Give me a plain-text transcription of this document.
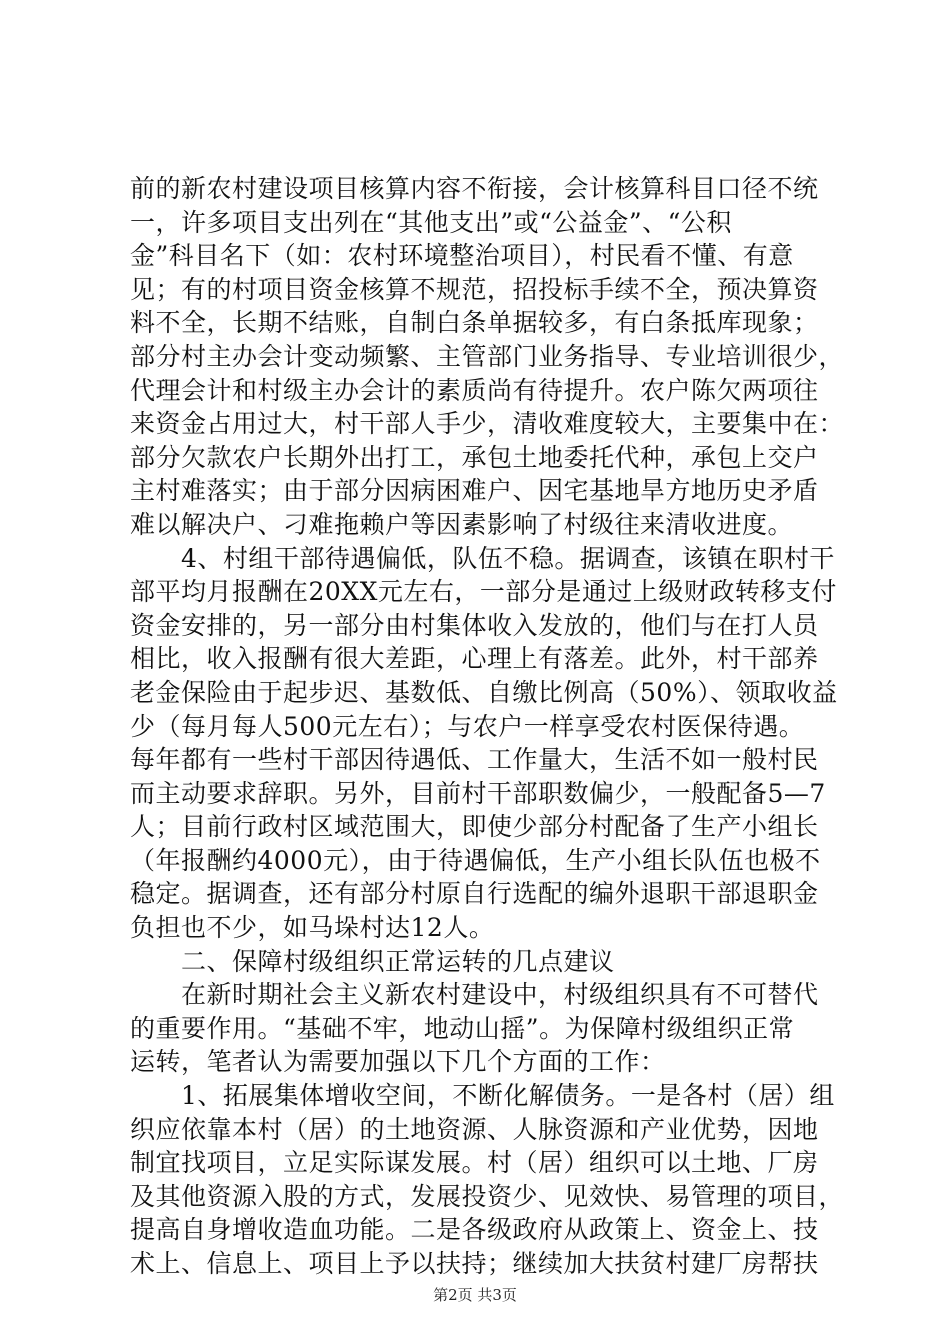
前的新农村建设项目核算内容不衔接，会计核算科目口径不统
一，许多项目支出列在“其他支出”或“公益金”、“公积
金”科目名下（如：农村环境整治项目），村民看不懂、有意
见；有的村项目资金核算不规范，招投标手续不全，预决算资
料不全，长期不结账，自制白条单据较多，有白条抵库现象；
部分村主办会计变动频繁、主管部门业务指导、专业培训很少，
代理会计和村级主办会计的素质尚有待提升。农户陈欠两项往
来资金占用过大，村干部人手少，清收难度较大，主要集中在：
部分欠款农户长期外出打工，承包土地委托代种，承包上交户
主村难落实；由于部分因病困难户、因宅基地旱方地历史矛盾
难以解决户、刁难拖赖户等因素影响了村级往来清收进度。
　　4、村组干部待遇偏低，队伍不稳。据调查，该镇在职村干
部平均月报酬在20XX元左右，一部分是通过上级财政转移支付
资金安排的，另一部分由村集体收入发放的，他们与在打人员
相比，收入报酬有很大差距，心理上有落差。此外，村干部养
老金保险由于起步迟、基数低、自缴比例高（50%）、领取收益
少（每月每人500元左右）；与农户一样享受农村医保待遇。
每年都有一些村干部因待遇低、工作量大，生活不如一般村民
而主动要求辞职。另外，目前村干部职数偏少，一般配备5—7
人；目前行政村区域范围大，即使少部分村配备了生产小组长
（年报酬约4000元），由于待遇偏低，生产小组长队伍也极不
稳定。据调查，还有部分村原自行选配的编外退职干部退职金
负担也不少，如马垛村达12人。
　　二、保障村级组织正常运转的几点建议
　　在新时期社会主义新农村建设中，村级组织具有不可替代
的重要作用。“基础不牢，地动山摇”。为保障村级组织正常
运转，笔者认为需要加强以下几个方面的工作：
　　1、拓展集体增收空间，不断化解债务。一是各村（居）组
织应依靠本村（居）的土地资源、人脉资源和产业优势，因地
制宜找项目，立足实际谋发展。村（居）组织可以土地、厂房
及其他资源入股的方式，发展投资少、见效快、易管理的项目，
提高自身增收造血功能。二是各级政府从政策上、资金上、技
术上、信息上、项目上予以扶持；继续加大扶贫村建厂房帮扶
第2页 共3页
